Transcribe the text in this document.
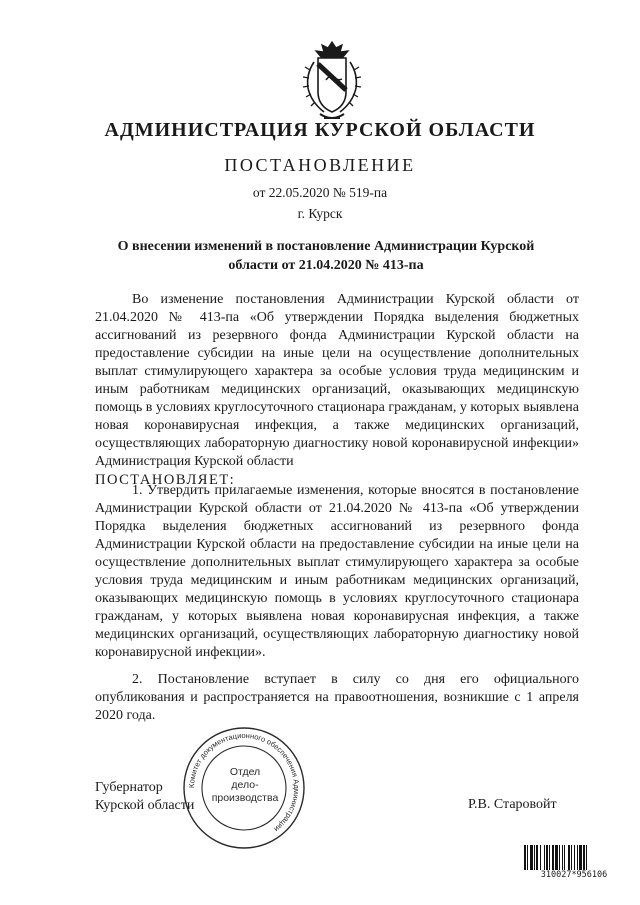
АДМИНИСТРАЦИЯ КУРСКОЙ ОБЛАСТИ
ПОСТАНОВЛЕНИЕ
от 22.05.2020 № 519-па
г. Курск
О внесении изменений в постановление Администрации Курской области от 21.04.2020 № 413-па
Во изменение постановления Администрации Курской области от 21.04.2020 № 413-па «Об утверждении Порядка выделения бюджетных ассигнований из резервного фонда Администрации Курской области на предоставление субсидии на иные цели на осуществление дополнительных выплат стимулирующего характера за особые условия труда медицинским и иным работникам медицинских организаций, оказывающих медицинскую помощь в условиях круглосуточного стационара гражданам, у которых выявлена новая коронавирусная инфекция, а также медицинских организаций, осуществляющих лабораторную диагностику новой коронавирусной инфекции» Администрация Курской области
ПОСТАНОВЛЯЕТ:
1. Утвердить прилагаемые изменения, которые вносятся в постановление Администрации Курской области от 21.04.2020 № 413-па «Об утверждении Порядка выделения бюджетных ассигнований из резервного фонда Администрации Курской области на предоставление субсидии на иные цели на осуществление дополнительных выплат стимулирующего характера за особые условия труда медицинским и иным работникам медицинских организаций, оказывающих медицинскую помощь в условиях круглосуточного стационара гражданам, у которых выявлена новая коронавирусная инфекция, а также медицинских организаций, осуществляющих лабораторную диагностику новой коронавирусной инфекции».
2. Постановление вступает в силу со дня его официального опубликования и распространяется на правоотношения, возникшие с 1 апреля 2020 года.
Губернатор
Курской области	Р.В. Старовойт
Комитет документационного обеспечения Администрации
Отдел
дело-
производства
310027*956106
